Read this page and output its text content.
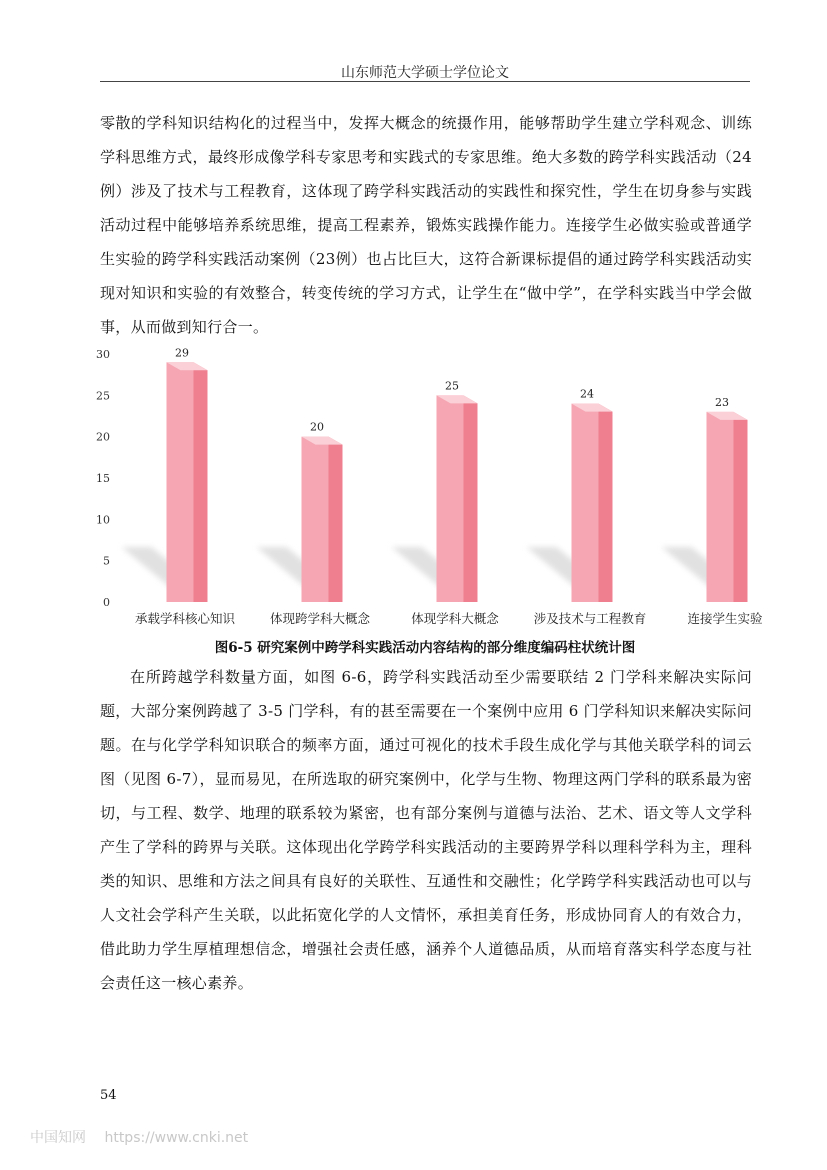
山东师范大学硕士学位论文

零散的学科知识结构化的过程当中，发挥大概念的统摄作用，能够帮助学生建立学科观念、训练学科思维方式，最终形成像学科专家思考和实践式的专家思维。绝大多数的跨学科实践活动（24例）涉及了技术与工程教育，这体现了跨学科实践活动的实践性和探究性，学生在切身参与实践活动过程中能够培养系统思维，提高工程素养，锻炼实践操作能力。连接学生必做实验或普通学生实验的跨学科实践活动案例（23例）也占比巨大，这符合新课标提倡的通过跨学科实践活动实现对知识和实验的有效整合，转变传统的学习方式，让学生在“做中学”，在学科实践当中学会做事，从而做到知行合一。

0
5
10
15
20
25
30	29
20
25
24
23
承载学科核心知识	体现跨学科大概念	体现学科大概念	涉及技术与工程教育	连接学生实验
图6-5 研究案例中跨学科实践活动内容结构的部分维度编码柱状统计图

在所跨越学科数量方面，如图 6-6，跨学科实践活动至少需要联结 2 门学科来解决实际问题，大部分案例跨越了 3-5 门学科，有的甚至需要在一个案例中应用 6 门学科知识来解决实际问题。在与化学学科知识联合的频率方面，通过可视化的技术手段生成化学与其他关联学科的词云图（见图 6-7），显而易见，在所选取的研究案例中，化学与生物、物理这两门学科的联系最为密切，与工程、数学、地理的联系较为紧密，也有部分案例与道德与法治、艺术、语文等人文学科产生了学科的跨界与关联。这体现出化学跨学科实践活动的主要跨界学科以理科学科为主，理科类的知识、思维和方法之间具有良好的关联性、互通性和交融性；化学跨学科实践活动也可以与人文社会学科产生关联，以此拓宽化学的人文情怀，承担美育任务，形成协同育人的有效合力，借此助力学生厚植理想信念，增强社会责任感，涵养个人道德品质，从而培育落实科学态度与社会责任这一核心素养。

54
中国知网 https://www.cnki.net
